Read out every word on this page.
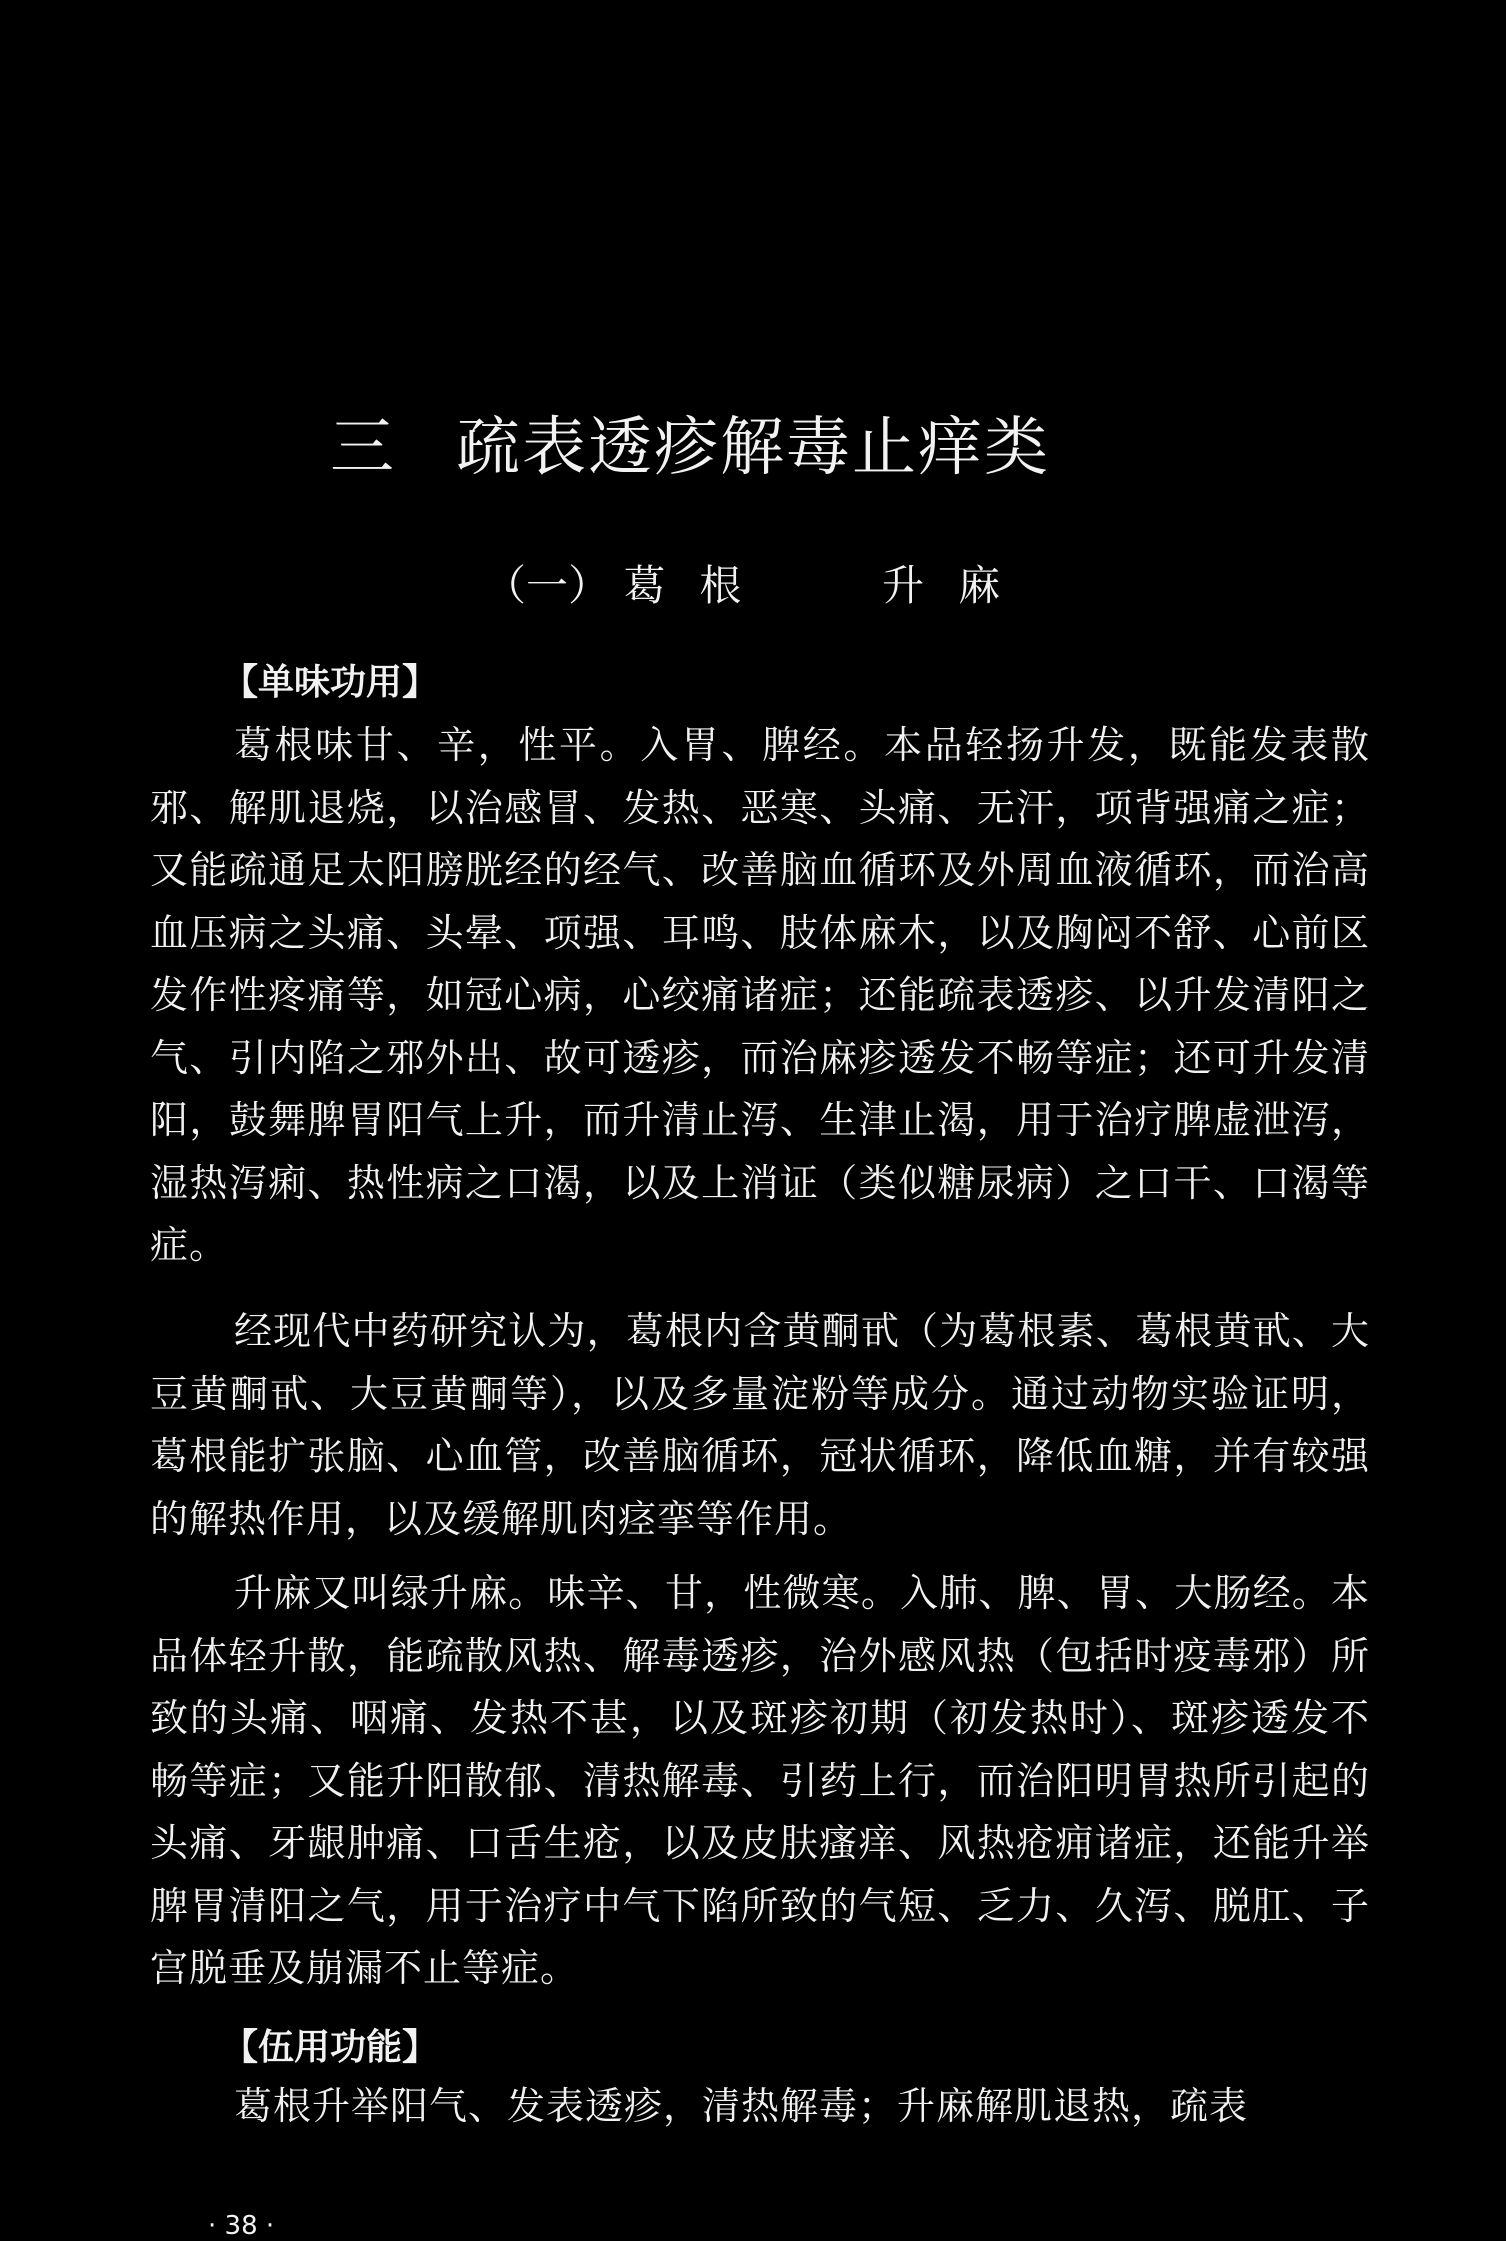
三 疏表透疹解毒止痒类
（一） 葛根	升麻
【单味功用】

葛根味甘、辛，性平。入胃、脾经。本品轻扬升发，既能发表散邪、解肌退烧，以治感冒、发热、恶寒、头痛、无汗，项背强痛之症；又能疏通足太阳膀胱经的经气、改善脑血循环及外周血液循环，而治高血压病之头痛、头晕、项强、耳鸣、肢体麻木，以及胸闷不舒、心前区发作性疼痛等，如冠心病，心绞痛诸症；还能疏表透疹、以升发清阳之气、引内陷之邪外出、故可透疹，而治麻疹透发不畅等症；还可升发清阳，鼓舞脾胃阳气上升，而升清止泻、生津止渴，用于治疗脾虚泄泻，湿热泻痢、热性病之口渴，以及上消证（类似糖尿病）之口干、口渴等症。

经现代中药研究认为，葛根内含黄酮甙（为葛根素、葛根黄甙、大豆黄酮甙、大豆黄酮等），以及多量淀粉等成分。通过动物实验证明，葛根能扩张脑、心血管，改善脑循环，冠状循环，降低血糖，并有较强的解热作用，以及缓解肌肉痉挛等作用。

升麻又叫绿升麻。味辛、甘，性微寒。入肺、脾、胃、大肠经。本品体轻升散，能疏散风热、解毒透疹，治外感风热（包括时疫毒邪）所致的头痛、咽痛、发热不甚，以及斑疹初期（初发热时）、斑疹透发不畅等症；又能升阳散郁、清热解毒、引药上行，而治阳明胃热所引起的头痛、牙龈肿痛、口舌生疮，以及皮肤瘙痒、风热疮痈诸症，还能升举脾胃清阳之气，用于治疗中气下陷所致的气短、乏力、久泻、脱肛、子宫脱垂及崩漏不止等症。

【伍用功能】

葛根升举阳气、发表透疹，清热解毒；升麻解肌退热，疏表

· 38 ·
